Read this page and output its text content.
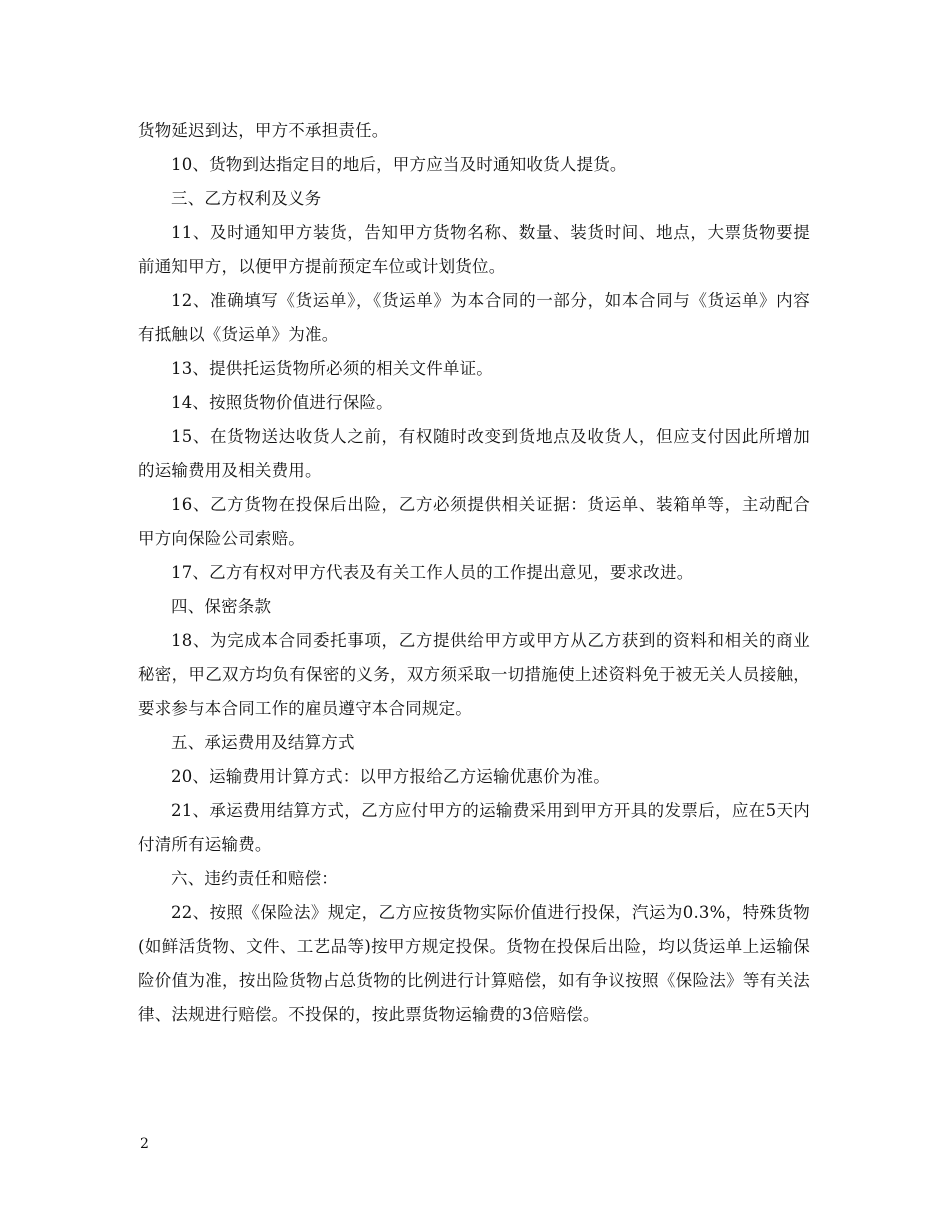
货物延迟到达，甲方不承担责任。

10、货物到达指定目的地后，甲方应当及时通知收货人提货。

三、乙方权利及义务

11、及时通知甲方装货，告知甲方货物名称、数量、装货时间、地点，大票货物要提前通知甲方，以便甲方提前预定车位或计划货位。

12、准确填写《货运单》，《货运单》为本合同的一部分，如本合同与《货运单》内容有抵触以《货运单》为准。

13、提供托运货物所必须的相关文件单证。

14、按照货物价值进行保险。

15、在货物送达收货人之前，有权随时改变到货地点及收货人，但应支付因此所增加的运输费用及相关费用。

16、乙方货物在投保后出险，乙方必须提供相关证据：货运单、装箱单等，主动配合甲方向保险公司索赔。

17、乙方有权对甲方代表及有关工作人员的工作提出意见，要求改进。

四、保密条款

18、为完成本合同委托事项，乙方提供给甲方或甲方从乙方获到的资料和相关的商业秘密，甲乙双方均负有保密的义务，双方须采取一切措施使上述资料免于被无关人员接触，要求参与本合同工作的雇员遵守本合同规定。

五、承运费用及结算方式

20、运输费用计算方式：以甲方报给乙方运输优惠价为准。

21、承运费用结算方式，乙方应付甲方的运输费采用到甲方开具的发票后，应在5天内付清所有运输费。

六、违约责任和赔偿：

22、按照《保险法》规定，乙方应按货物实际价值进行投保，汽运为0.3%，特殊货物(如鲜活货物、文件、工艺品等)按甲方规定投保。货物在投保后出险，均以货运单上运输保险价值为准，按出险货物占总货物的比例进行计算赔偿，如有争议按照《保险法》等有关法律、法规进行赔偿。不投保的，按此票货物运输费的3倍赔偿。

2
